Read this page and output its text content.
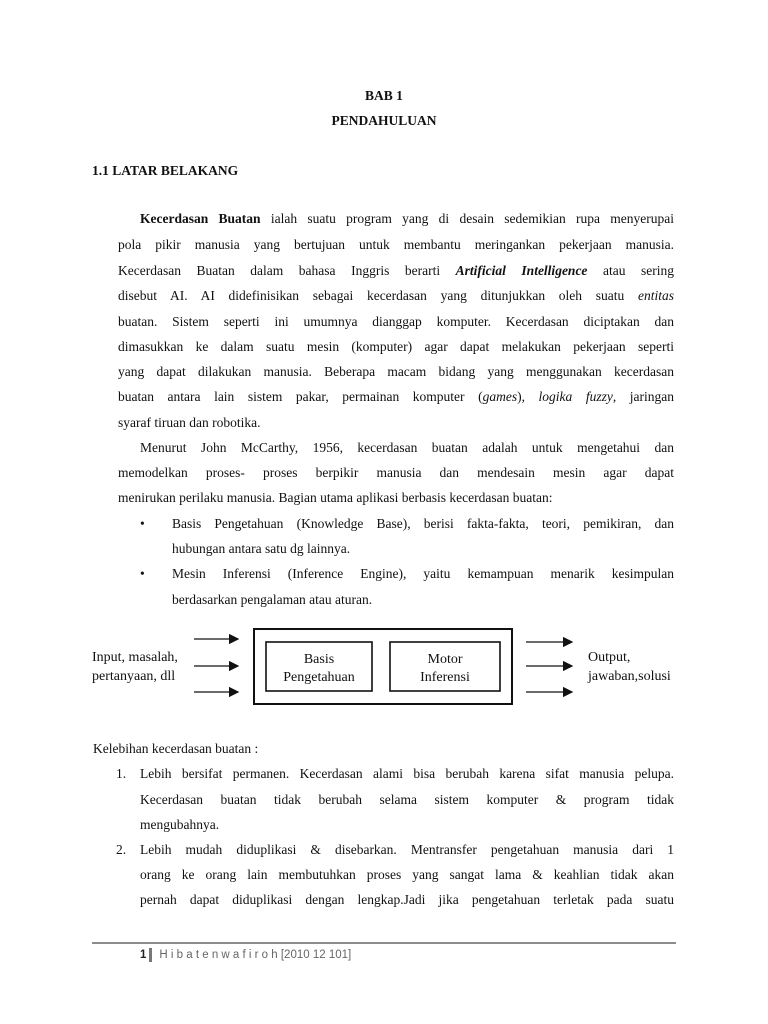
BAB 1
PENDAHULUAN
1.1 LATAR BELAKANG
Kecerdasan Buatan ialah suatu program yang di desain sedemikian rupa menyerupai
pola pikir manusia yang bertujuan untuk membantu meringankan pekerjaan manusia.
Kecerdasan Buatan dalam bahasa Inggris berarti Artificial Intelligence atau sering
disebut AI. AI didefinisikan sebagai kecerdasan yang ditunjukkan oleh suatu entitas
buatan. Sistem seperti ini umumnya dianggap komputer. Kecerdasan diciptakan dan
dimasukkan ke dalam suatu mesin (komputer) agar dapat melakukan pekerjaan seperti
yang dapat dilakukan manusia. Beberapa macam bidang yang menggunakan kecerdasan
buatan antara lain sistem pakar, permainan komputer (games), logika fuzzy, jaringan
syaraf tiruan dan robotika.
Menurut John McCarthy, 1956, kecerdasan buatan adalah untuk mengetahui dan
memodelkan proses- proses berpikir manusia dan mendesain mesin agar dapat
menirukan perilaku manusia. Bagian utama aplikasi berbasis kecerdasan buatan:
• Basis Pengetahuan (Knowledge Base), berisi fakta-fakta, teori, pemikiran, dan
hubungan antara satu dg lainnya.
• Mesin Inferensi (Inference Engine), yaitu kemampuan menarik kesimpulan
berdasarkan pengalaman atau aturan.
Input, masalah,
pertanyaan, dll
Basis
Pengetahuan
Motor
Inferensi
Output,
jawaban,solusi
Kelebihan kecerdasan buatan :
1. Lebih bersifat permanen. Kecerdasan alami bisa berubah karena sifat manusia pelupa.
Kecerdasan buatan tidak berubah selama sistem komputer & program tidak
mengubahnya.
2. Lebih mudah diduplikasi & disebarkan. Mentransfer pengetahuan manusia dari 1
orang ke orang lain membutuhkan proses yang sangat lama & keahlian tidak akan
pernah dapat diduplikasi dengan lengkap.Jadi jika pengetahuan terletak pada suatu
1 H i b a t e n w a f i r o h [2010 12 101]
